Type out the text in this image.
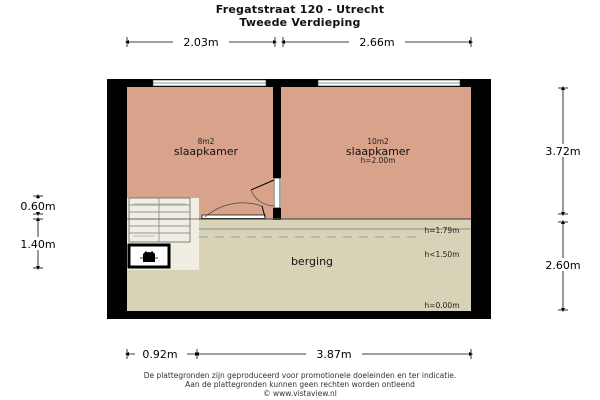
Fregatstraat 120 - Utrecht
Tweede Verdieping
2.03m	2.66m
3.72m
2.60m
0.60m
1.40m
0.92m	3.87m
8m2
slaapkamer
10m2
slaapkamer
h=2.00m
berging
h=1.79m
h<1.50m
h=0.00m
De plattegronden zijn geproduceerd voor promotionele doeleinden en ter indicatie.
Aan de plattegronden kunnen geen rechten worden ontleend
© www.vistaview.nl
